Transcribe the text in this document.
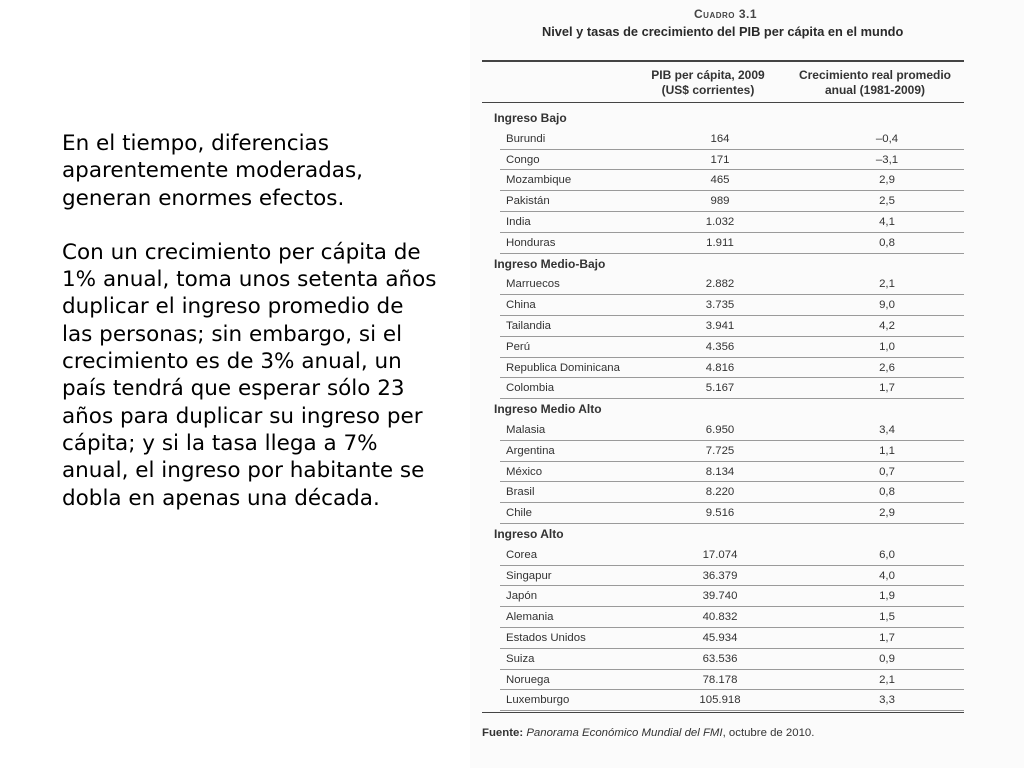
En el tiempo, diferencias aparentemente moderadas, generan enormes efectos.

Con un crecimiento per cápita de 1% anual, toma unos setenta años duplicar el ingreso promedio de las personas; sin embargo, si el crecimiento es de 3% anual, un país tendrá que esperar sólo 23 años para duplicar su ingreso per cápita; y si la tasa llega a 7% anual, el ingreso por habitante se dobla en apenas una década.

Cuadro 3.1
Nivel y tasas de crecimiento del PIB per cápita en el mundo
PIB per cápita, 2009
(US$ corrientes)
Crecimiento real promedio
anual (1981-2009)
Ingreso Bajo
Burundi	164	–0,4
Congo	171	–3,1
Mozambique	465	2,9
Pakistán	989	2,5
India	1.032	4,1
Honduras	1.911	0,8
Ingreso Medio-Bajo
Marruecos	2.882	2,1
China	3.735	9,0
Tailandia	3.941	4,2
Perú	4.356	1,0
Republica Dominicana	4.816	2,6
Colombia	5.167	1,7
Ingreso Medio Alto
Malasia	6.950	3,4
Argentina	7.725	1,1
México	8.134	0,7
Brasil	8.220	0,8
Chile	9.516	2,9
Ingreso Alto
Corea	17.074	6,0
Singapur	36.379	4,0
Japón	39.740	1,9
Alemania	40.832	1,5
Estados Unidos	45.934	1,7
Suiza	63.536	0,9
Noruega	78.178	2,1
Luxemburgo	105.918	3,3
Fuente: Panorama Económico Mundial del FMI, octubre de 2010.
